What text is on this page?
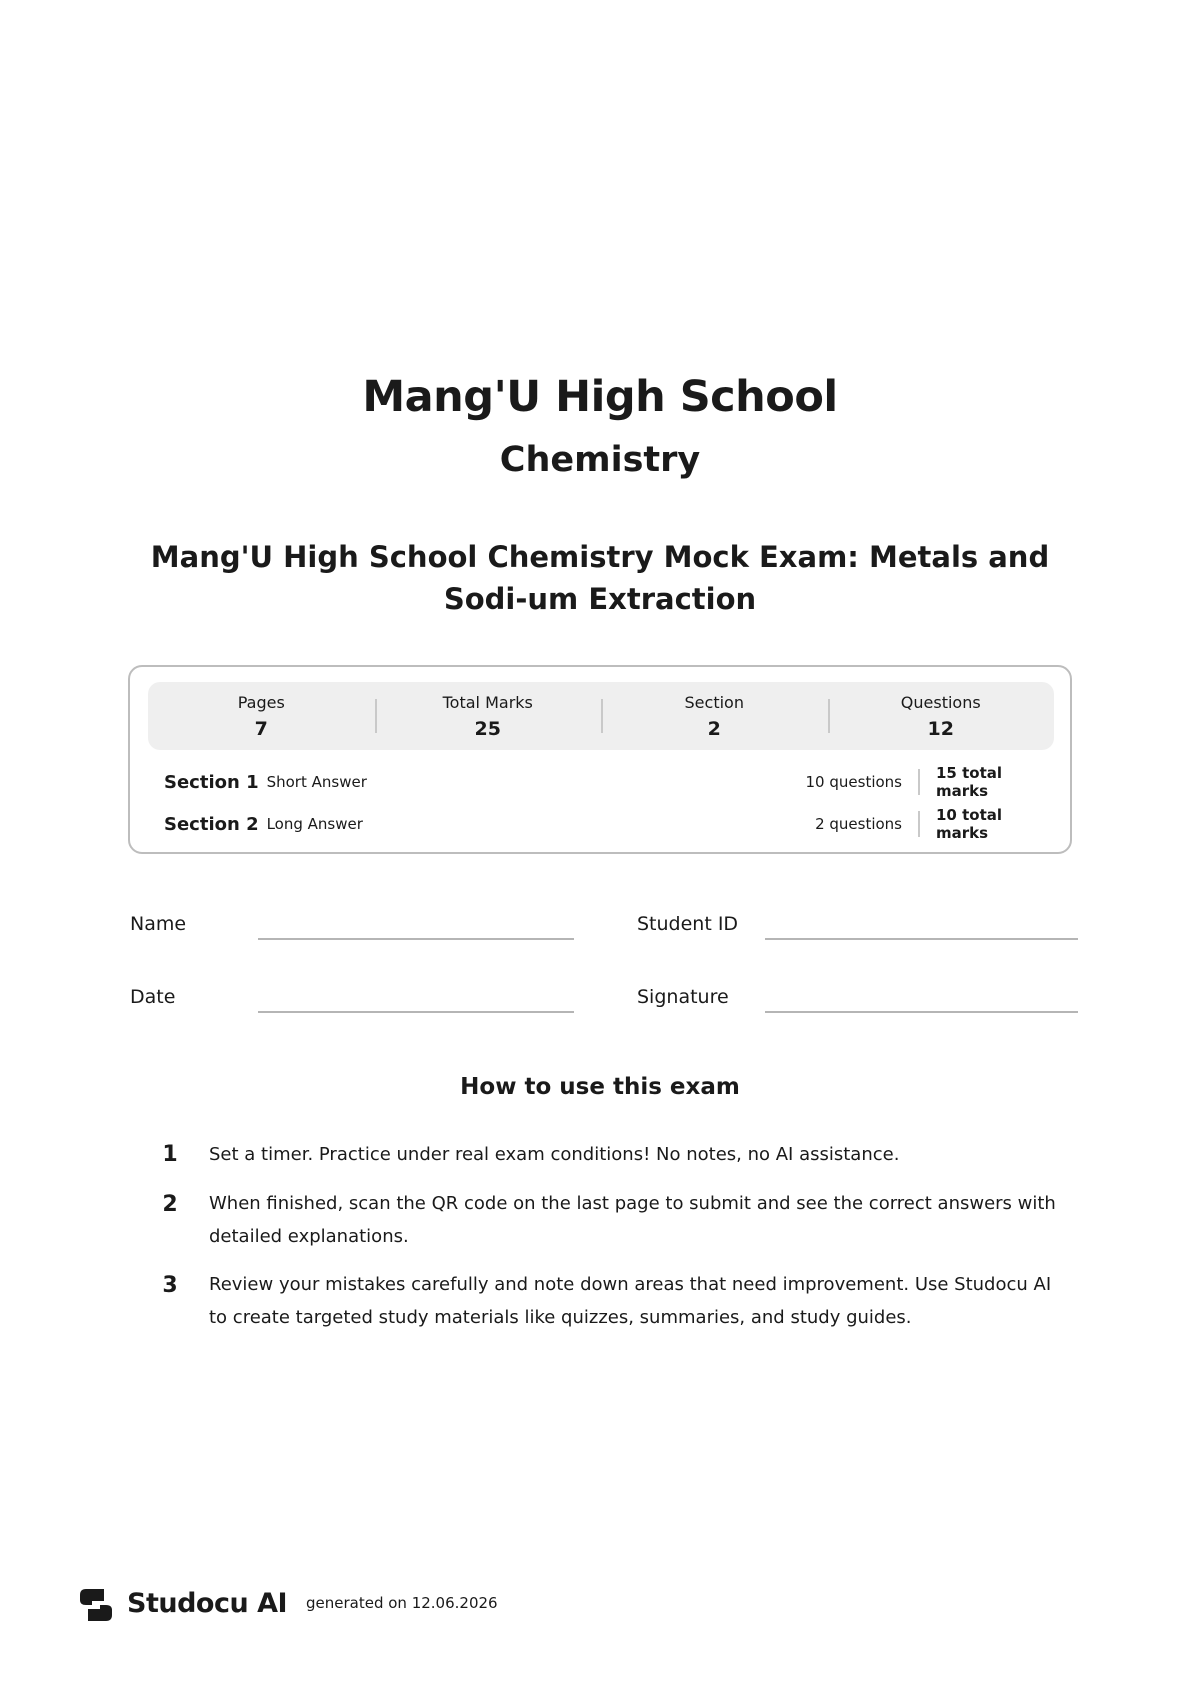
Mang'U High School
Chemistry
Mang'U High School Chemistry Mock Exam: Metals and Sodi-um Extraction
Pages
7
Total Marks
25
Section
2
Questions
12
Section 1 Short Answer	10 questions	15 total marks
Section 2 Long Answer	2 questions	10 total marks
Name	Student ID
Date	Signature
How to use this exam
1 Set a timer. Practice under real exam conditions! No notes, no AI assistance.
2 When finished, scan the QR code on the last page to submit and see the correct answers with detailed explanations.
3 Review your mistakes carefully and note down areas that need improvement. Use Studocu AI to create targeted study materials like quizzes, summaries, and study guides.
Studocu AI generated on 12.06.2026
